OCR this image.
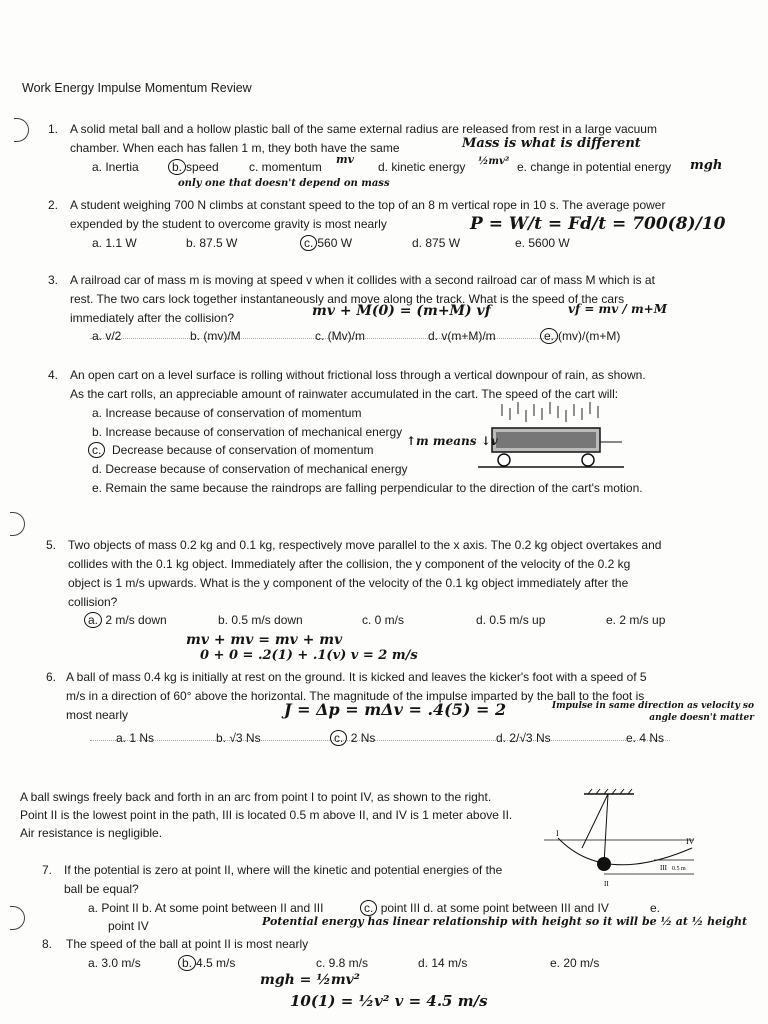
Work Energy Impulse Momentum Review
1. A solid metal ball and a hollow plastic ball of the same external radius are released from rest in a large vacuum
chamber. When each has fallen 1 m, they both have the same
a. Inertia	b. speed	c. momentum	d. kinetic energy	e. change in potential energy
2. A student weighing 700 N climbs at constant speed to the top of an 8 m vertical rope in 10 s. The average power
expended by the student to overcome gravity is most nearly
a. 1.1 W	b. 87.5 W	c. 560 W	d. 875 W	e. 5600 W
3. A railroad car of mass m is moving at speed v when it collides with a second railroad car of mass M which is at
rest. The two cars lock together instantaneously and move along the track. What is the speed of the cars
immediately after the collision?
a. v/2	b. (mv)/M	c. (Mv)/m	d. v(m+M)/m	e. (mv)/(m+M)
4. An open cart on a level surface is rolling without frictional loss through a vertical downpour of rain, as shown.
As the cart rolls, an appreciable amount of rainwater accumulated in the cart. The speed of the cart will:
a. Increase because of conservation of momentum
b. Increase because of conservation of mechanical energy
c. Decrease because of conservation of momentum
d. Decrease because of conservation of mechanical energy
e. Remain the same because the raindrops are falling perpendicular to the direction of the cart's motion.
5. Two objects of mass 0.2 kg and 0.1 kg, respectively move parallel to the x axis. The 0.2 kg object overtakes and
collides with the 0.1 kg object. Immediately after the collision, the y component of the velocity of the 0.2 kg
object is 1 m/s upwards. What is the y component of the velocity of the 0.1 kg object immediately after the
collision?
a. 2 m/s down	b. 0.5 m/s down	c. 0 m/s	d. 0.5 m/s up	e. 2 m/s up
6. A ball of mass 0.4 kg is initially at rest on the ground. It is kicked and leaves the kicker's foot with a speed of 5
m/s in a direction of 60° above the horizontal. The magnitude of the impulse imparted by the ball to the foot is
most nearly
a. 1 Ns	b. √3 Ns	c. 2 Ns	d. 2/√3 Ns	e. 4 Ns
A ball swings freely back and forth in an arc from point I to point IV, as shown to the right.
Point II is the lowest point in the path, III is located 0.5 m above II, and IV is 1 meter above II.
Air resistance is negligible.	I
IV
III
II
0.5 m
7. If the potential is zero at point II, where will the kinetic and potential energies of the
ball be equal?
a. Point II b. At some point between II and III	c. point III d. at some point between III and IV	e.
point IV
8. The speed of the ball at point II is most nearly
a. 3.0 m/s	b. 4.5 m/s	c. 9.8 m/s	d. 14 m/s	e. 20 m/s
Mass is what is different
mv	½mv²	mgh
only one that doesn't depend on mass
P = W/t = Fd/t = 700(8)/10
mv + M(0) = (m+M) vf	vf = mv / m+M
↑m means ↓v
mv + mv = mv + mv
0 + 0 = .2(1) + .1(v) v = 2 m/s
J = Δp = mΔv = .4(5) = 2	Impulse in same direction as velocity so angle doesn't matter
Potential energy has linear relationship with height so it will be ½ at ½ height
mgh = ½mv²
10(1) = ½v² v = 4.5 m/s
